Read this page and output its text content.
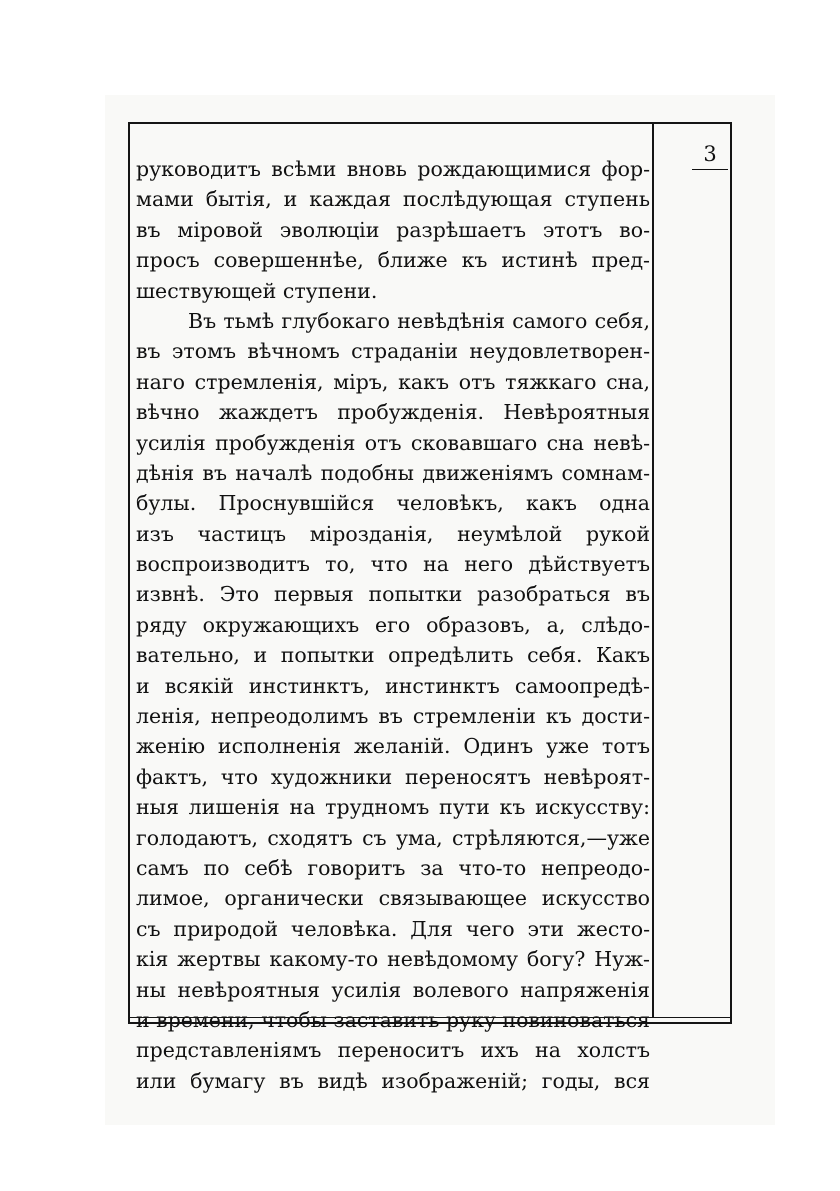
3
руководитъ всѣми вновь рождающимися фор-
мами бытія, и каждая послѣдующая ступень
въ міровой эволюціи разрѣшаетъ этотъ во-
просъ совершеннѣе, ближе къ истинѣ пред-
шествующей ступени.
Въ тьмѣ глубокаго невѣдѣнія самого себя,
въ этомъ вѣчномъ страданіи неудовлетворен-
наго стремленія, міръ, какъ отъ тяжкаго сна,
вѣчно жаждетъ пробужденія. Невѣроятныя
усилія пробужденія отъ сковавшаго сна невѣ-
дѣнія въ началѣ подобны движеніямъ сомнам-
булы. Проснувшійся человѣкъ, какъ одна
изъ частицъ мірозданія, неумѣлой рукой
воспроизводитъ то, что на него дѣйствуетъ
извнѣ. Это первыя попытки разобраться въ
ряду окружающихъ его образовъ, а, слѣдо-
вательно, и попытки опредѣлить себя. Какъ
и всякій инстинктъ, инстинктъ самоопредѣ-
ленія, непреодолимъ въ стремленіи къ дости-
женію исполненія желаній. Одинъ уже тотъ
фактъ, что художники переносятъ невѣроят-
ныя лишенія на трудномъ пути къ искусству:
голодаютъ, сходятъ съ ума, стрѣляются,—уже
самъ по себѣ говоритъ за что-то непреодо-
лимое, органически связывающее искусство
съ природой человѣка. Для чего эти жесто-
кія жертвы какому-то невѣдомому богу? Нуж-
ны невѣроятныя усилія волевого напряженія
и времени, чтобы заставить руку повиноваться
представленіямъ переноситъ ихъ на холстъ
или бумагу въ видѣ изображеній; годы, вся
